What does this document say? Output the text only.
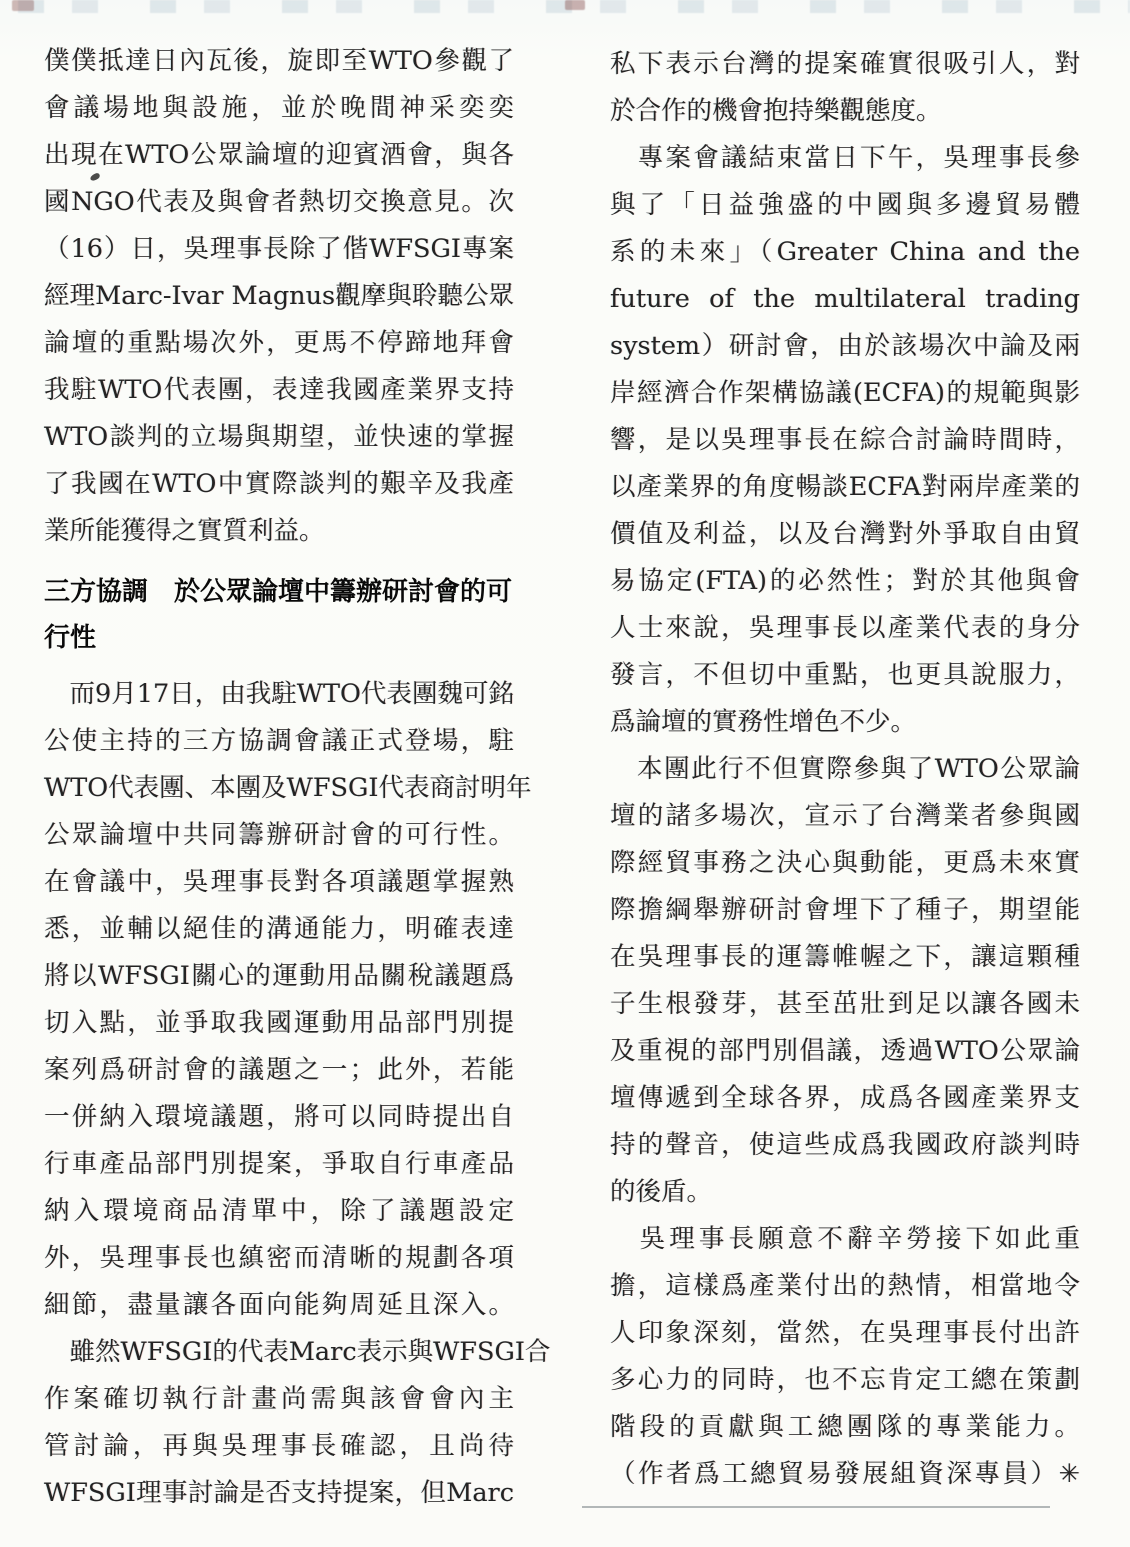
僕僕抵達日內瓦後，旋即至WTO參觀了
會議場地與設施，並於晚間神采奕奕
出現在WTO公眾論壇的迎賓酒會，與各
國NGO代表及與會者熱切交換意見。次
（16）日，吳理事長除了偕WFSGI專案
經理Marc-Ivar Magnus觀摩與聆聽公眾
論壇的重點場次外，更馬不停蹄地拜會
我駐WTO代表團，表達我國產業界支持
WTO談判的立場與期望，並快速的掌握
了我國在WTO中實際談判的艱辛及我產
業所能獲得之實質利益。
三方協調　於公眾論壇中籌辦研討會的可
行性
　而9月17日，由我駐WTO代表團魏可銘
公使主持的三方協調會議正式登場，駐
WTO代表團、本團及WFSGI代表商討明年
公眾論壇中共同籌辦研討會的可行性。
在會議中，吳理事長對各項議題掌握熟
悉，並輔以絕佳的溝通能力，明確表達
將以WFSGI關心的運動用品關稅議題爲
切入點，並爭取我國運動用品部門別提
案列爲研討會的議題之一；此外，若能
一併納入環境議題，將可以同時提出自
行車產品部門別提案，爭取自行車產品
納入環境商品清單中，除了議題設定
外，吳理事長也縝密而清晰的規劃各項
細節，盡量讓各面向能夠周延且深入。
　雖然WFSGI的代表Marc表示與WFSGI合
作案確切執行計畫尚需與該會會內主
管討論，再與吳理事長確認，且尚待
WFSGI理事討論是否支持提案，但Marc
私下表示台灣的提案確實很吸引人，對
於合作的機會抱持樂觀態度。
　專案會議結束當日下午，吳理事長參
與了「日益強盛的中國與多邊貿易體
系的未來」（Greater China and the
future of the multilateral trading
system）研討會，由於該場次中論及兩
岸經濟合作架構協議(ECFA)的規範與影
響，是以吳理事長在綜合討論時間時，
以產業界的角度暢談ECFA對兩岸產業的
價值及利益，以及台灣對外爭取自由貿
易協定(FTA)的必然性；對於其他與會
人士來說，吳理事長以產業代表的身分
發言，不但切中重點，也更具說服力，
爲論壇的實務性增色不少。
　本團此行不但實際參與了WTO公眾論
壇的諸多場次，宣示了台灣業者參與國
際經貿事務之決心與動能，更爲未來實
際擔綱舉辦研討會埋下了種子，期望能
在吳理事長的運籌帷幄之下，讓這顆種
子生根發芽，甚至茁壯到足以讓各國未
及重視的部門別倡議，透過WTO公眾論
壇傳遞到全球各界，成爲各國產業界支
持的聲音，使這些成爲我國政府談判時
的後盾。
　吳理事長願意不辭辛勞接下如此重
擔，這樣爲產業付出的熱情，相當地令
人印象深刻，當然，在吳理事長付出許
多心力的同時，也不忘肯定工總在策劃
階段的貢獻與工總團隊的專業能力。
（作者爲工總貿易發展組資深專員）✳
